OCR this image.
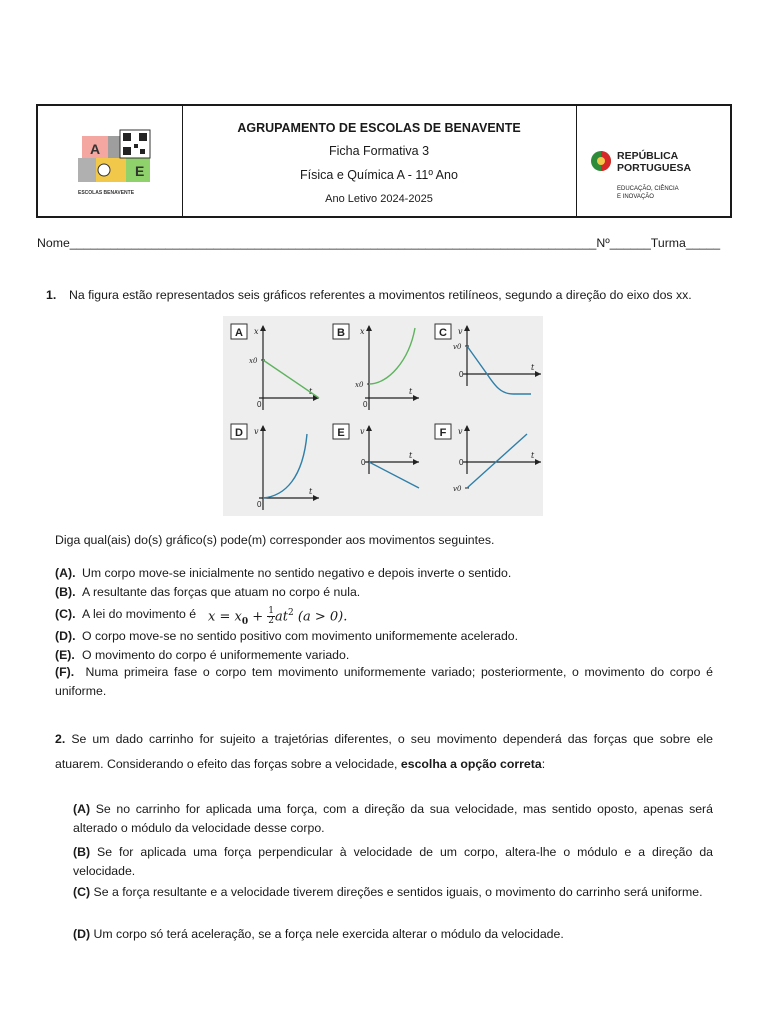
A
E
ESCOLAS BENAVENTE
AGRUPAMENTO DE ESCOLAS DE BENAVENTE
Ficha Formativa 3
Física e Química A - 11º Ano
Ano Letivo 2024-2025
REPÚBLICA
PORTUGUESA
EDUCAÇÃO, CIÊNCIA
E INOVAÇÃO
Nome_____________________________________________________________________________Nº______Turma_____
1. Na figura estão representados seis gráficos referentes a movimentos retilíneos, segundo a direção do eixo dos xx.
A x
t
0
x0
B x
t
0
x0
C v
t
0
v0
D v
t
0
E v
t
0
F v
t
0
v0
Diga qual(ais) do(s) gráfico(s) pode(m) corresponder aos movimentos seguintes.
(A). Um corpo move-se inicialmente no sentido negativo e depois inverte o sentido.
(B). A resultante das forças que atuam no corpo é nula.
(C). A lei do movimento é $x = x_0 + \frac{1}{2} at^2$ (a > 0).
(D). O corpo move-se no sentido positivo com movimento uniformemente acelerado.
(E). O movimento do corpo é uniformemente variado.
(F). Numa primeira fase o corpo tem movimento uniformemente variado; posteriormente, o movimento do corpo é uniforme.
2. Se um dado carrinho for sujeito a trajetórias diferentes, o seu movimento dependerá das forças que sobre ele atuarem. Considerando o efeito das forças sobre a velocidade, escolha a opção correta:
(A) Se no carrinho for aplicada uma força, com a direção da sua velocidade, mas sentido oposto, apenas será alterado o módulo da velocidade desse corpo.
(B) Se for aplicada uma força perpendicular à velocidade de um corpo, altera-lhe o módulo e a direção da velocidade.
(C) Se a força resultante e a velocidade tiverem direções e sentidos iguais, o movimento do carrinho será uniforme.
(D) Um corpo só terá aceleração, se a força nele exercida alterar o módulo da velocidade.
